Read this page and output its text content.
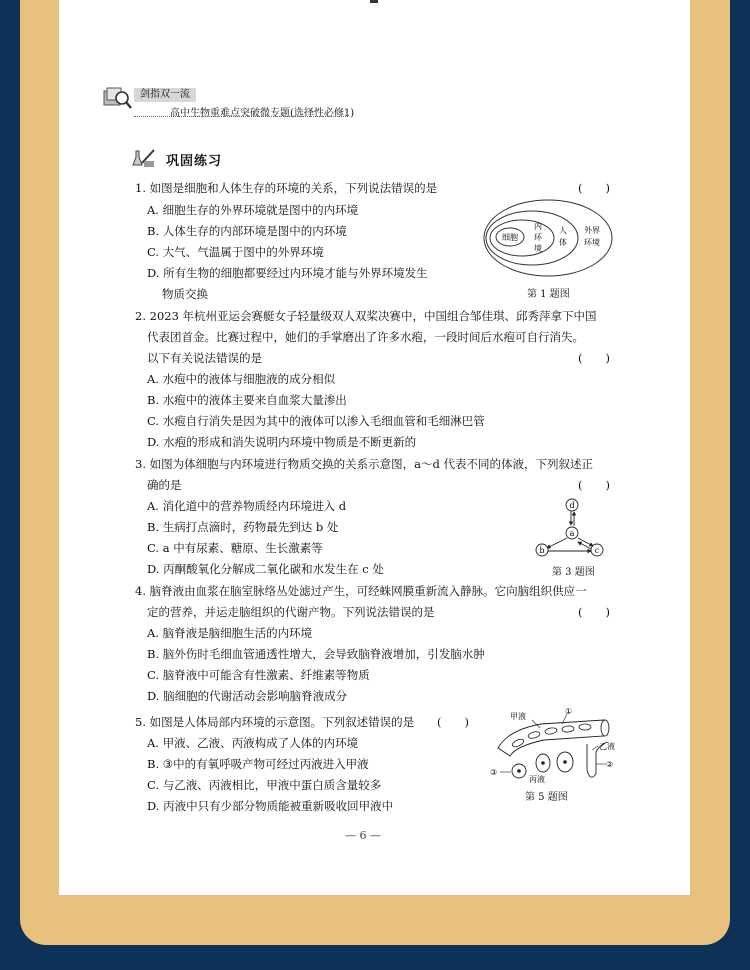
剑指双一流
高中生物重难点突破微专题(选择性必修1)
巩固练习
1. 如图是细胞和人体生存的环境的关系，下列说法错误的是	(　　)
A. 细胞生存的外界环境就是图中的内环境
B. 人体生存的内部环境是图中的内环境
C. 大气、气温属于图中的外界环境
D. 所有生物的细胞都要经过内环境才能与外界环境发生
物质交换
细胞
内
环
境
人
体
外界
环境
第 1 题图
2. 2023 年杭州亚运会赛艇女子轻量级双人双桨决赛中，中国组合邹佳琪、邱秀萍拿下中国
代表团首金。比赛过程中，她们的手掌磨出了许多水疱，一段时间后水疱可自行消失。
以下有关说法错误的是	(　　)
A. 水疱中的液体与细胞液的成分相似
B. 水疱中的液体主要来自血浆大量渗出
C. 水疱自行消失是因为其中的液体可以渗入毛细血管和毛细淋巴管
D. 水疱的形成和消失说明内环境中物质是不断更新的
3. 如图为体细胞与内环境进行物质交换的关系示意图，a～d 代表不同的体液，下列叙述正
确的是	(　　)
A. 消化道中的营养物质经内环境进入 d
B. 生病打点滴时，药物最先到达 b 处
C. a 中有尿素、糖原、生长激素等
D. 丙酮酸氧化分解成二氧化碳和水发生在 c 处
d
a
b	c
第 3 题图
4. 脑脊液由血浆在脑室脉络丛处滤过产生，可经蛛网膜重新流入静脉。它向脑组织供应一
定的营养，并运走脑组织的代谢产物。下列说法错误的是	(　　)
A. 脑脊液是脑细胞生活的内环境
B. 脑外伤时毛细血管通透性增大，会导致脑脊液增加，引发脑水肿
C. 脑脊液中可能含有性激素、纤维素等物质
D. 脑细胞的代谢活动会影响脑脊液成分
5. 如图是人体局部内环境的示意图。下列叙述错误的是 (　　)
A. 甲液、乙液、丙液构成了人体的内环境
B. ③中的有氧呼吸产物可经过丙液进入甲液
C. 与乙液、丙液相比，甲液中蛋白质含量较多
D. 丙液中只有少部分物质能被重新吸收回甲液中
甲液
①
乙液
②
③
丙液
第 5 题图
— 6 —
